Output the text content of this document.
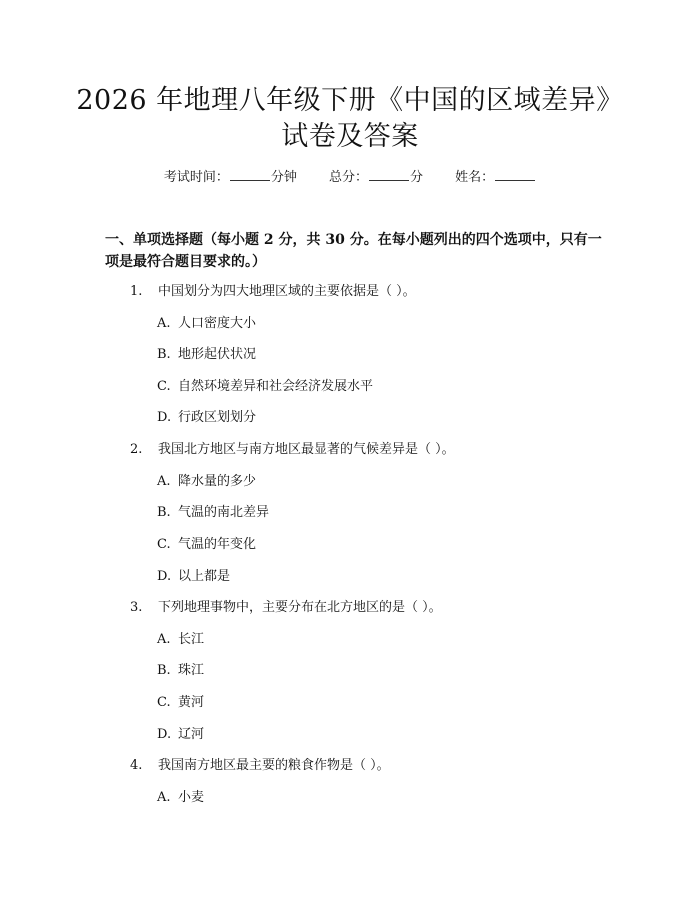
2026 年地理八年级下册《中国的区域差异》
试卷及答案
考试时间：	分钟 总分：	分 姓名：
一、单项选择题（每小题 2 分，共 30 分。在每小题列出的四个选项中，只有一项是最符合题目要求的。）
1. 中国划分为四大地理区域的主要依据是（ ）。
A. 人口密度大小
B. 地形起伏状况
C. 自然环境差异和社会经济发展水平
D. 行政区划划分
2. 我国北方地区与南方地区最显著的气候差异是（ ）。
A. 降水量的多少
B. 气温的南北差异
C. 气温的年变化
D. 以上都是
3. 下列地理事物中，主要分布在北方地区的是（ ）。
A. 长江
B. 珠江
C. 黄河
D. 辽河
4. 我国南方地区最主要的粮食作物是（ ）。
A. 小麦
